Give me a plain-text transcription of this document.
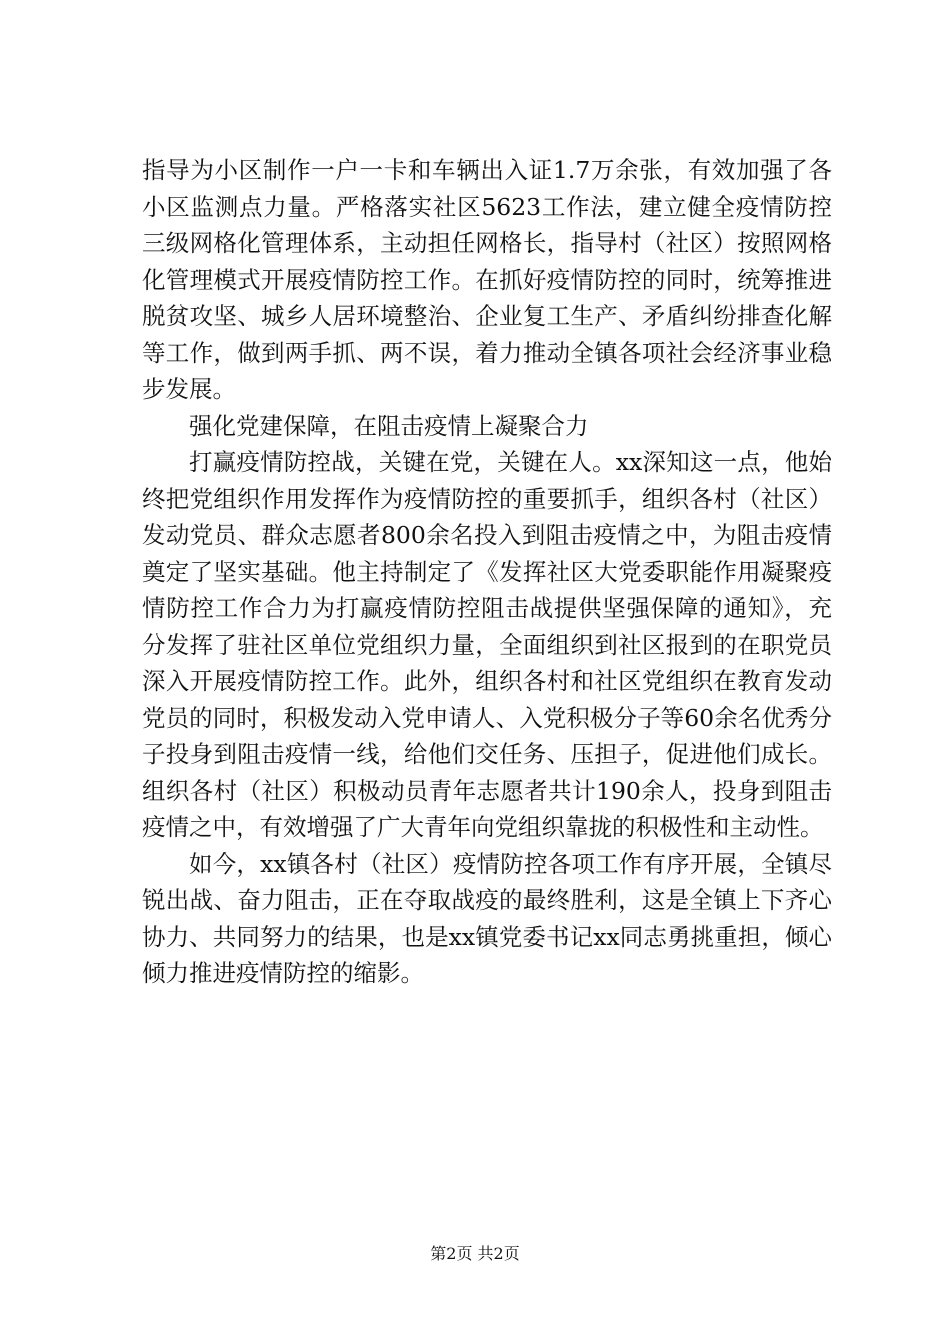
指导为小区制作一户一卡和车辆出入证1.7万余张，有效加强了各小区监测点力量。严格落实社区5623工作法，建立健全疫情防控三级网格化管理体系，主动担任网格长，指导村（社区）按照网格化管理模式开展疫情防控工作。在抓好疫情防控的同时，统筹推进脱贫攻坚、城乡人居环境整治、企业复工生产、矛盾纠纷排查化解等工作，做到两手抓、两不误，着力推动全镇各项社会经济事业稳步发展。

强化党建保障，在阻击疫情上凝聚合力

打赢疫情防控战，关键在党，关键在人。xx深知这一点，他始终把党组织作用发挥作为疫情防控的重要抓手，组织各村（社区）发动党员、群众志愿者800余名投入到阻击疫情之中，为阻击疫情奠定了坚实基础。他主持制定了《发挥社区大党委职能作用凝聚疫情防控工作合力为打赢疫情防控阻击战提供坚强保障的通知》，充分发挥了驻社区单位党组织力量，全面组织到社区报到的在职党员深入开展疫情防控工作。此外，组织各村和社区党组织在教育发动党员的同时，积极发动入党申请人、入党积极分子等60余名优秀分子投身到阻击疫情一线，给他们交任务、压担子，促进他们成长。组织各村（社区）积极动员青年志愿者共计190余人，投身到阻击疫情之中，有效增强了广大青年向党组织靠拢的积极性和主动性。

如今，xx镇各村（社区）疫情防控各项工作有序开展，全镇尽锐出战、奋力阻击，正在夺取战疫的最终胜利，这是全镇上下齐心协力、共同努力的结果，也是xx镇党委书记xx同志勇挑重担，倾心倾力推进疫情防控的缩影。

第2页 共2页
